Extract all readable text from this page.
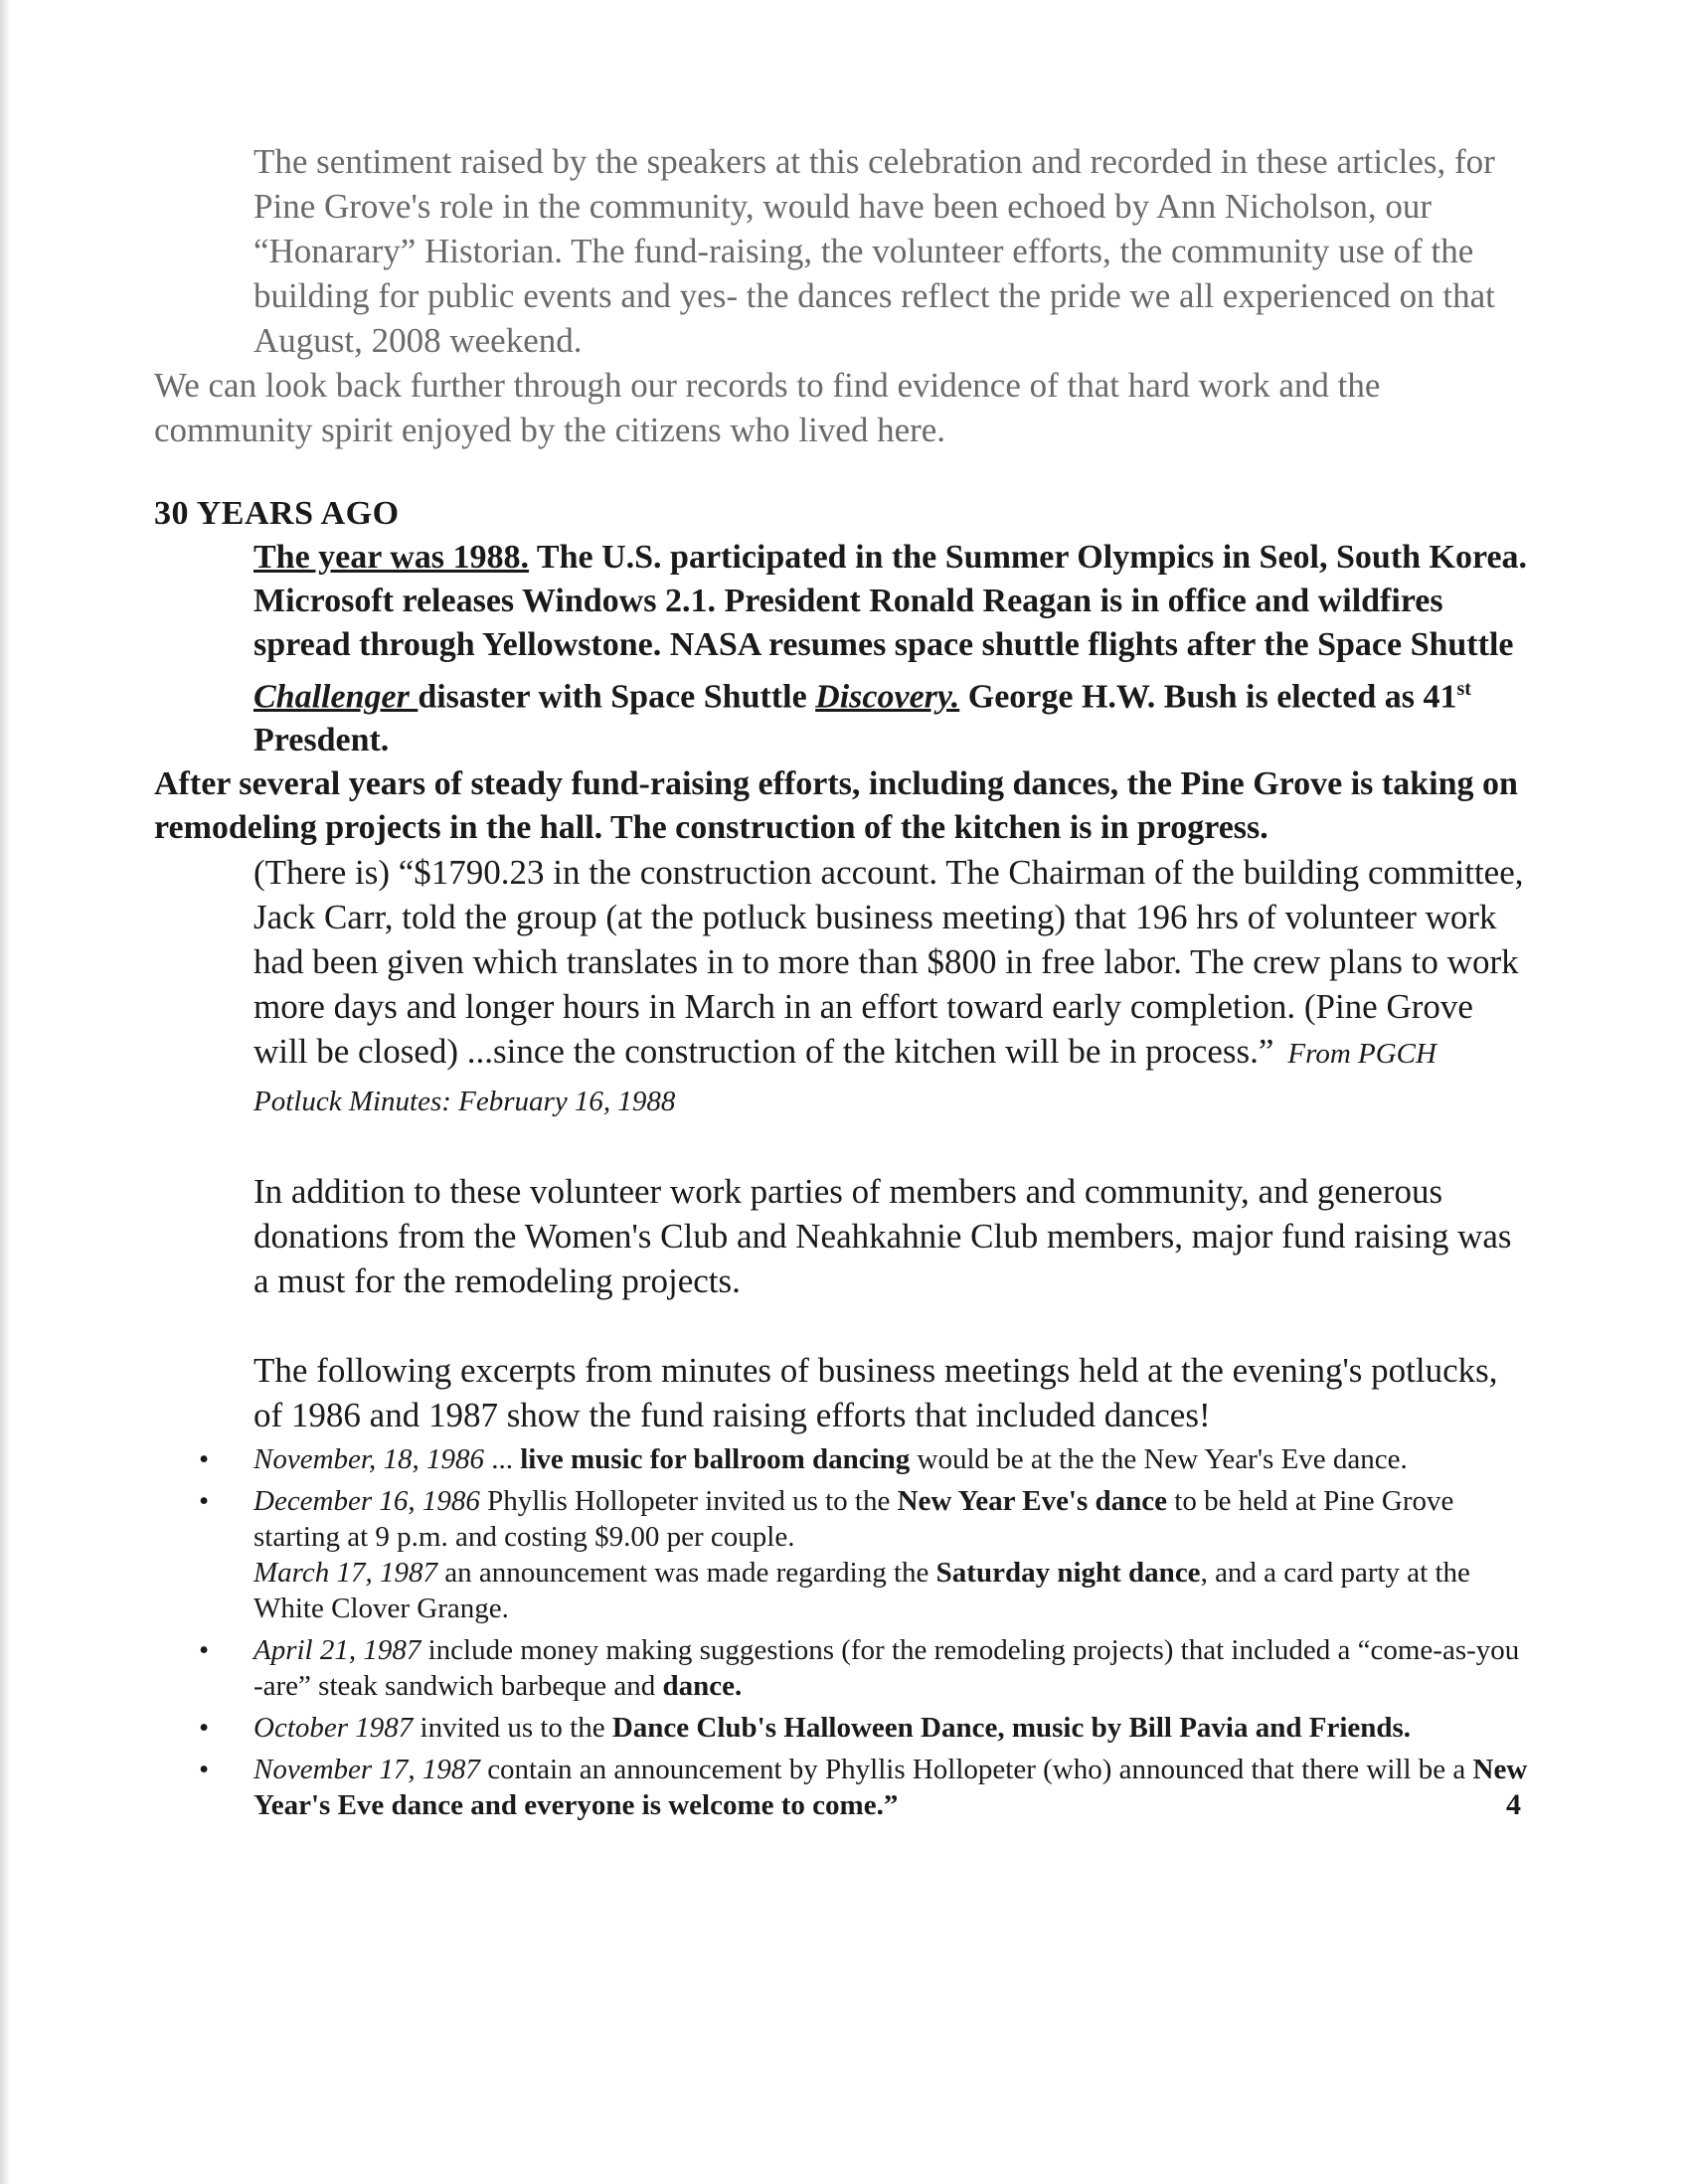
The sentiment raised by the speakers at this celebration and recorded in these articles, for Pine Grove's role in the community, would have been echoed by Ann Nicholson, our “Honarary” Historian. The fund-raising, the volunteer efforts, the community use of the building for public events and yes- the dances reflect the pride we all experienced on that August, 2008 weekend.

We can look back further through our records to find evidence of that hard work and the community spirit enjoyed by the citizens who lived here.

30 YEARS AGO

The year was 1988. The U.S. participated in the Summer Olympics in Seol, South Korea. Microsoft releases Windows 2.1. President Ronald Reagan is in office and wildfires spread through Yellowstone. NASA resumes space shuttle flights after the Space Shuttle Challenger disaster with Space Shuttle Discovery. George H.W. Bush is elected as 41st Presdent.

After several years of steady fund-raising efforts, including dances, the Pine Grove is taking on remodeling projects in the hall. The construction of the kitchen is in progress.

(There is) “$1790.23 in the construction account. The Chairman of the building committee, Jack Carr, told the group (at the potluck business meeting) that 196 hrs of volunteer work had been given which translates in to more than $800 in free labor. The crew plans to work more days and longer hours in March in an effort toward early completion. (Pine Grove will be closed) ...since the construction of the kitchen will be in process.” From PGCH Potluck Minutes: February 16, 1988

In addition to these volunteer work parties of members and community, and generous donations from the Women's Club and Neahkahnie Club members, major fund raising was a must for the remodeling projects.

The following excerpts from minutes of business meetings held at the evening's potlucks, of 1986 and 1987 show the fund raising efforts that included dances!

• November, 18, 1986 ... live music for ballroom dancing would be at the the New Year's Eve dance.
• December 16, 1986 Phyllis Hollopeter invited us to the New Year Eve's dance to be held at Pine Grove starting at 9 p.m. and costing $9.00 per couple.
March 17, 1987 an announcement was made regarding the Saturday night dance, and a card party at the White Clover Grange.
• April 21, 1987 include money making suggestions (for the remodeling projects) that included a “come-as-you -are” steak sandwich barbeque and dance.
• October 1987 invited us to the Dance Club's Halloween Dance, music by Bill Pavia and Friends.
• November 17, 1987 contain an announcement by Phyllis Hollopeter (who) announced that there will be a New Year's Eve dance and everyone is welcome to come.”	4
